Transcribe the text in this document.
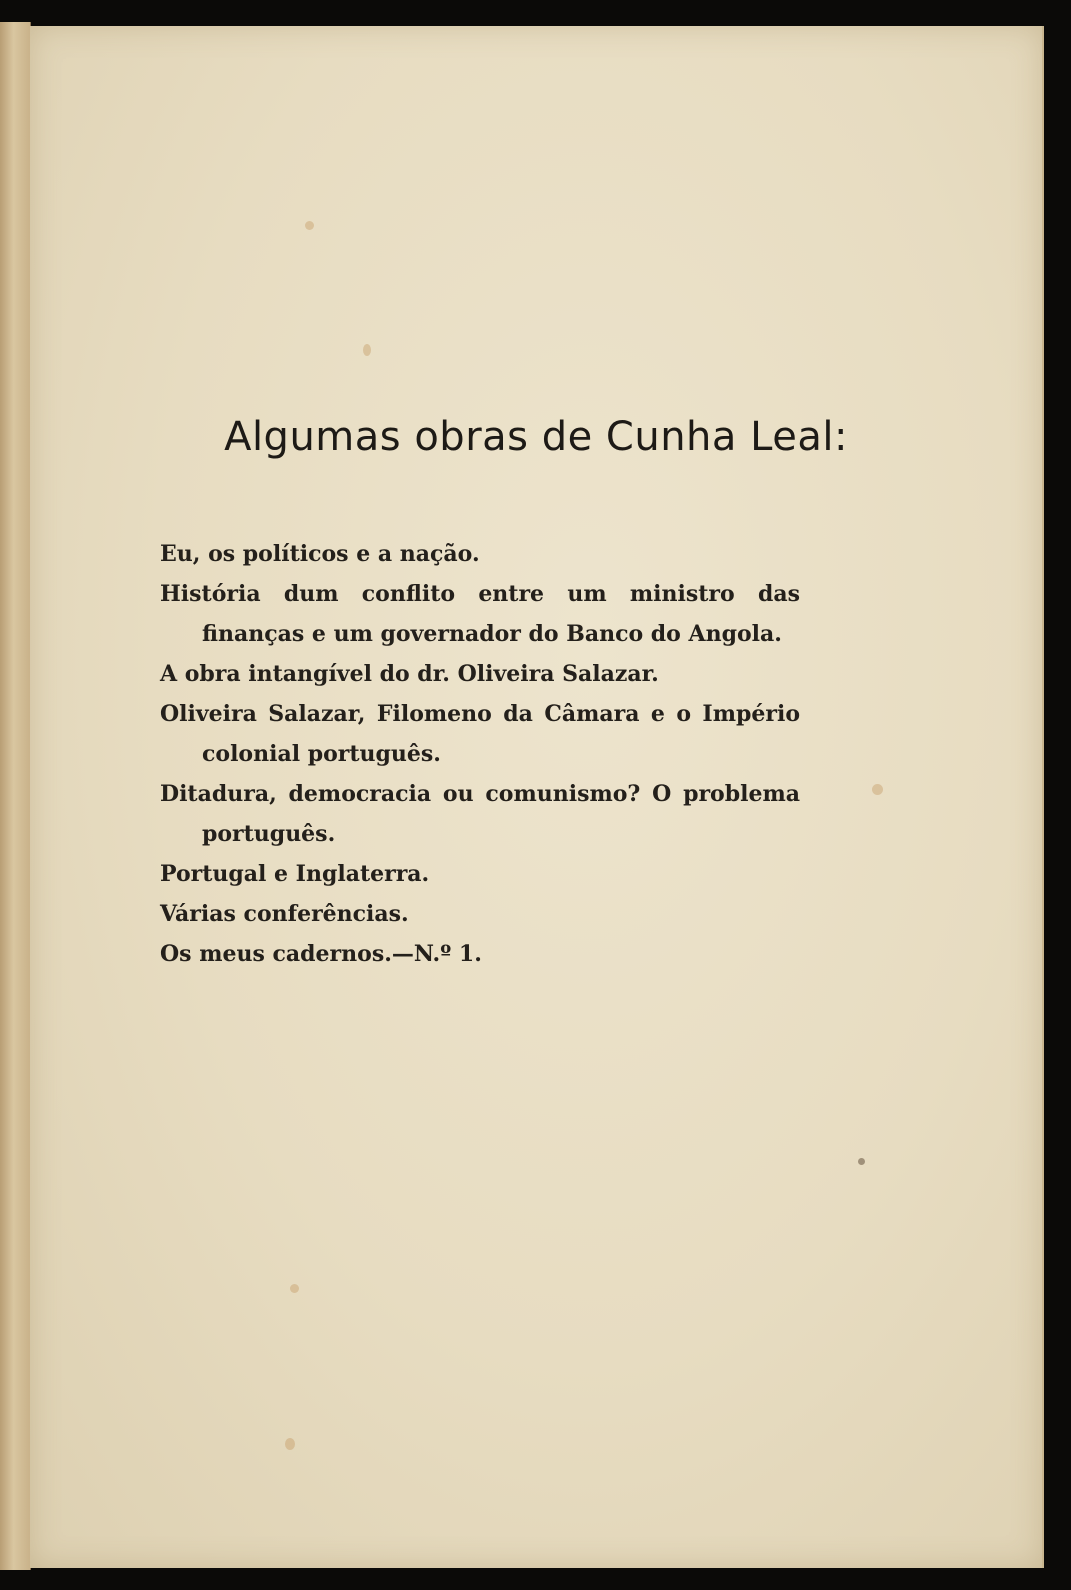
Algumas obras de Cunha Leal:
Eu, os políticos e a nação.
História dum conflito entre um ministro das finanças e um governador do Banco do Angola.
A obra intangível do dr. Oliveira Salazar.
Oliveira Salazar, Filomeno da Câmara e o Império colonial português.
Ditadura, democracia ou comunismo? O problema português.
Portugal e Inglaterra.
Várias conferências.
Os meus cadernos.—N.º 1.
